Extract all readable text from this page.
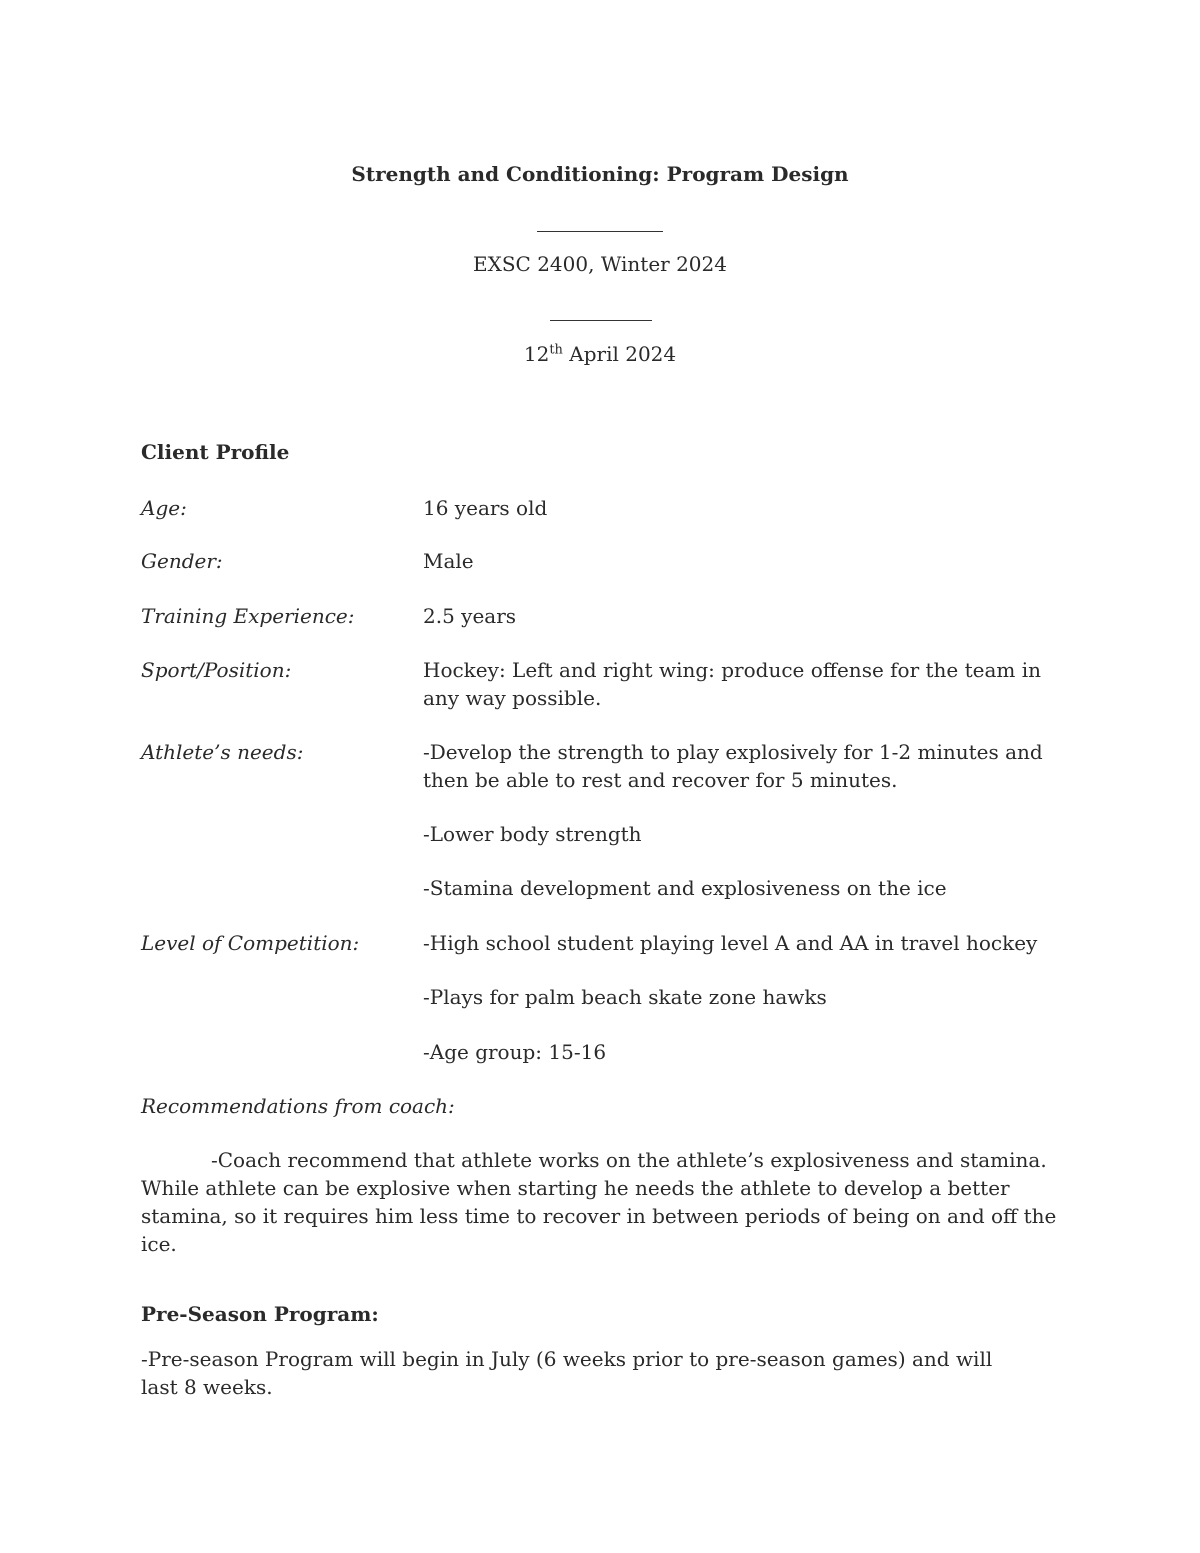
Strength and Conditioning: Program Design
EXSC 2400, Winter 2024
12th April 2024
Client Profile
Age:	16 years old
Gender:	Male
Training Experience:	2.5 years
Sport/Position:	Hockey: Left and right wing: produce offense for the team in any way possible.
Athlete’s needs:	-Develop the strength to play explosively for 1-2 minutes and then be able to rest and recover for 5 minutes.
-Lower body strength
-Stamina development and explosiveness on the ice
Level of Competition:	-High school student playing level A and AA in travel hockey
-Plays for palm beach skate zone hawks
-Age group: 15-16
Recommendations from coach:
-Coach recommend that athlete works on the athlete’s explosiveness and stamina. While athlete can be explosive when starting he needs the athlete to develop a better stamina, so it requires him less time to recover in between periods of being on and off the ice.
Pre-Season Program:
-Pre-season Program will begin in July (6 weeks prior to pre-season games) and will last 8 weeks.
